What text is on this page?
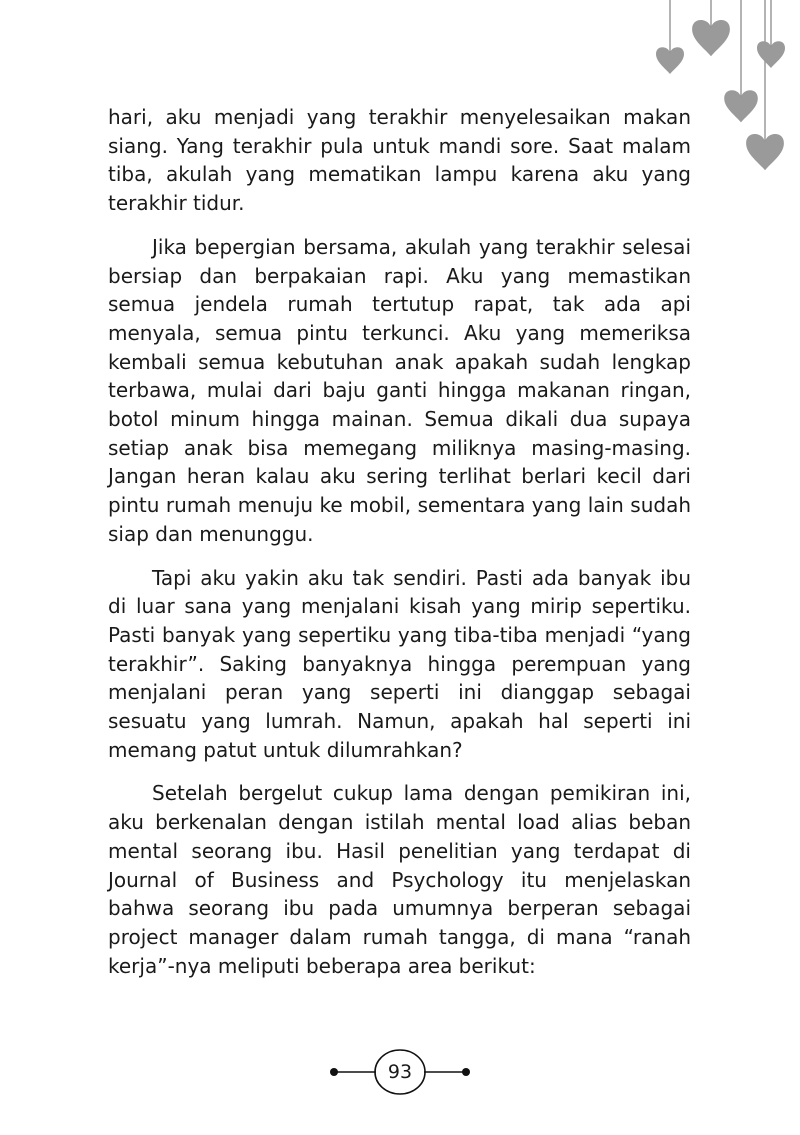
hari, aku menjadi yang terakhir menyelesaikan makan siang. Yang terakhir pula untuk mandi sore. Saat malam tiba, akulah yang mematikan lampu karena aku yang terakhir tidur.

Jika bepergian bersama, akulah yang terakhir selesai bersiap dan berpakaian rapi. Aku yang memastikan semua jendela rumah tertutup rapat, tak ada api menyala, semua pintu terkunci. Aku yang memeriksa kembali semua kebutuhan anak apakah sudah lengkap terbawa, mulai dari baju ganti hingga makanan ringan, botol minum hingga mainan. Semua dikali dua supaya setiap anak bisa memegang miliknya masing-masing. Jangan heran kalau aku sering terlihat berlari kecil dari pintu rumah menuju ke mobil, sementara yang lain sudah siap dan menunggu.

Tapi aku yakin aku tak sendiri. Pasti ada banyak ibu di luar sana yang menjalani kisah yang mirip sepertiku. Pasti banyak yang sepertiku yang tiba-tiba menjadi “yang terakhir”. Saking banyaknya hingga perempuan yang menjalani peran yang seperti ini dianggap sebagai sesuatu yang lumrah. Namun, apakah hal seperti ini memang patut untuk dilumrahkan?

Setelah bergelut cukup lama dengan pemikiran ini, aku berkenalan dengan istilah mental load alias beban mental seorang ibu. Hasil penelitian yang terdapat di Journal of Business and Psychology itu menjelaskan bahwa seorang ibu pada umumnya berperan sebagai project manager dalam rumah tangga, di mana “ranah kerja”-nya meliputi beberapa area berikut:

93
